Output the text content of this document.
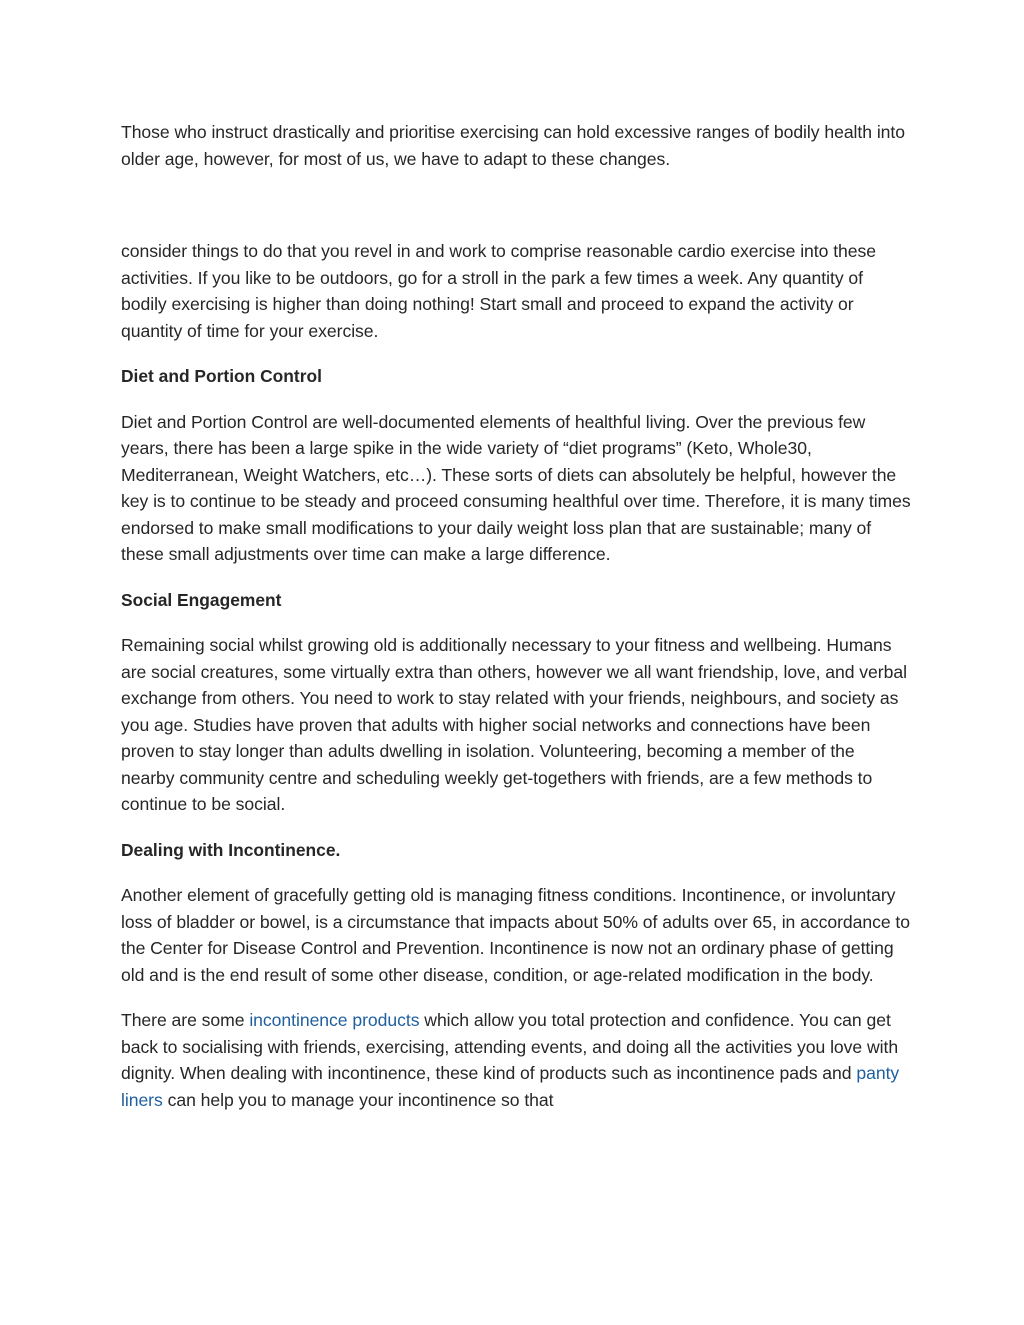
Those who instruct drastically and prioritise exercising can hold excessive ranges of bodily health into older age, however, for most of us, we have to adapt to these changes.

consider things to do that you revel in and work to comprise reasonable cardio exercise into these activities. If you like to be outdoors, go for a stroll in the park a few times a week. Any quantity of bodily exercising is higher than doing nothing! Start small and proceed to expand the activity or quantity of time for your exercise.

Diet and Portion Control

Diet and Portion Control are well-documented elements of healthful living. Over the previous few years, there has been a large spike in the wide variety of “diet programs” (Keto, Whole30, Mediterranean, Weight Watchers, etc…). These sorts of diets can absolutely be helpful, however the key is to continue to be steady and proceed consuming healthful over time. Therefore, it is many times endorsed to make small modifications to your daily weight loss plan that are sustainable; many of these small adjustments over time can make a large difference.

Social Engagement

Remaining social whilst growing old is additionally necessary to your fitness and wellbeing. Humans are social creatures, some virtually extra than others, however we all want friendship, love, and verbal exchange from others. You need to work to stay related with your friends, neighbours, and society as you age. Studies have proven that adults with higher social networks and connections have been proven to stay longer than adults dwelling in isolation. Volunteering, becoming a member of the nearby community centre and scheduling weekly get-togethers with friends, are a few methods to continue to be social.

Dealing with Incontinence.

Another element of gracefully getting old is managing fitness conditions. Incontinence, or involuntary loss of bladder or bowel, is a circumstance that impacts about 50% of adults over 65, in accordance to the Center for Disease Control and Prevention. Incontinence is now not an ordinary phase of getting old and is the end result of some other disease, condition, or age-related modification in the body.

There are some incontinence products which allow you total protection and confidence. You can get back to socialising with friends, exercising, attending events, and doing all the activities you love with dignity. When dealing with incontinence, these kind of products such as incontinence pads and panty liners can help you to manage your incontinence so that
